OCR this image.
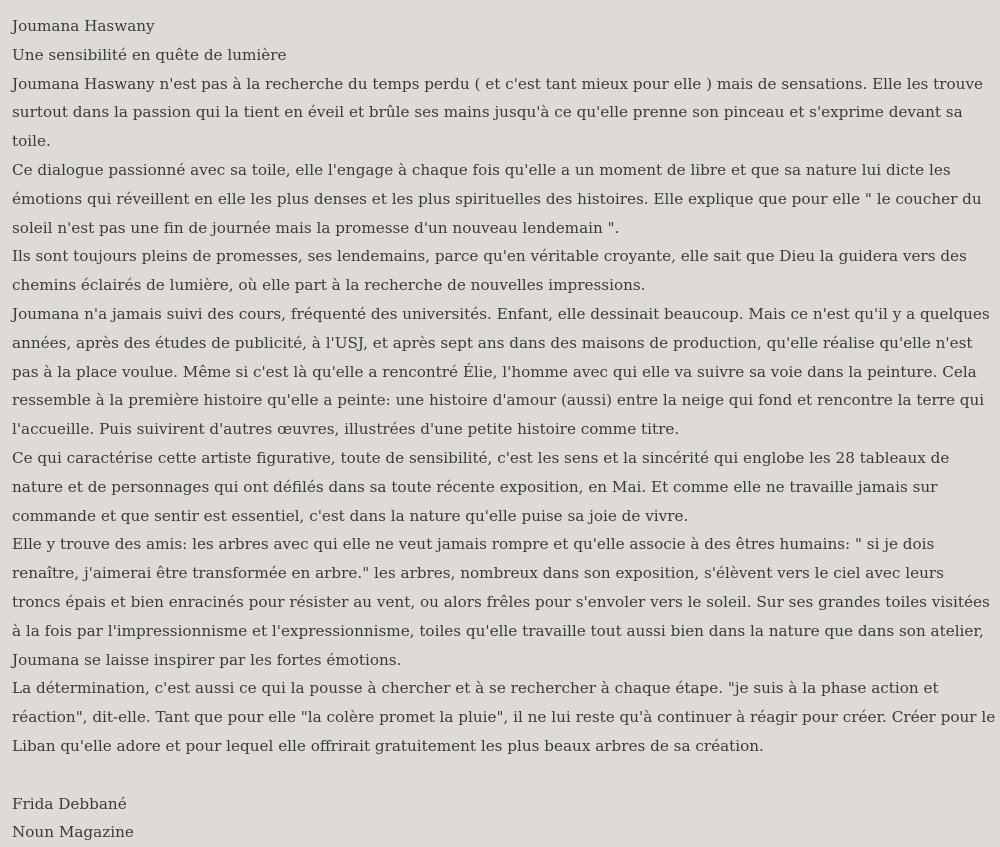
Joumana Haswany

Une sensibilité en quête de lumière

Joumana Haswany n'est pas à la recherche du temps perdu ( et c'est tant mieux pour elle ) mais de sensations. Elle les trouve surtout dans la passion qui la tient en éveil et brûle ses mains jusqu'à ce qu'elle prenne son pinceau et s'exprime devant sa toile.

Ce dialogue passionné avec sa toile, elle l'engage à chaque fois qu'elle a un moment de libre et que sa nature lui dicte les émotions qui réveillent en elle les plus denses et les plus spirituelles des histoires. Elle explique que pour elle " le coucher du soleil n'est pas une fin de journée mais la promesse d'un nouveau lendemain ".

Ils sont toujours pleins de promesses, ses lendemains, parce qu'en véritable croyante, elle sait que Dieu la guidera vers des chemins éclairés de lumière, où elle part à la recherche de nouvelles impressions.

Joumana n'a jamais suivi des cours, fréquenté des universités. Enfant, elle dessinait beaucoup. Mais ce n'est qu'il y a quelques années, après des études de publicité, à l'USJ, et après sept ans dans des maisons de production, qu'elle réalise qu'elle n'est pas à la place voulue. Même si c'est là qu'elle a rencontré Élie, l'homme avec qui elle va suivre sa voie dans la peinture. Cela ressemble à la première histoire qu'elle a peinte: une histoire d'amour (aussi) entre la neige qui fond et rencontre la terre qui l'accueille. Puis suivirent d'autres œuvres, illustrées d'une petite histoire comme titre.

Ce qui caractérise cette artiste figurative, toute de sensibilité, c'est les sens et la sincérité qui englobe les 28 tableaux de nature et de personnages qui ont défilés dans sa toute récente exposition, en Mai. Et comme elle ne travaille jamais sur commande et que sentir est essentiel, c'est dans la nature qu'elle puise sa joie de vivre.

Elle y trouve des amis: les arbres avec qui elle ne veut jamais rompre et qu'elle associe à des êtres humains: " si je dois renaître, j'aimerai être transformée en arbre." les arbres, nombreux dans son exposition, s'élèvent vers le ciel avec leurs troncs épais et bien enracinés pour résister au vent, ou alors frêles pour s'envoler vers le soleil. Sur ses grandes toiles visitées à la fois par l'impressionnisme et l'expressionnisme, toiles qu'elle travaille tout aussi bien dans la nature que dans son atelier, Joumana se laisse inspirer par les fortes émotions.

La détermination, c'est aussi ce qui la pousse à chercher et à se rechercher à chaque étape. "je suis à la phase action et réaction", dit-elle. Tant que pour elle "la colère promet la pluie", il ne lui reste qu'à continuer à réagir pour créer. Créer pour le Liban qu'elle adore et pour lequel elle offrirait gratuitement les plus beaux arbres de sa création.

Frida Debbané

Noun Magazine
